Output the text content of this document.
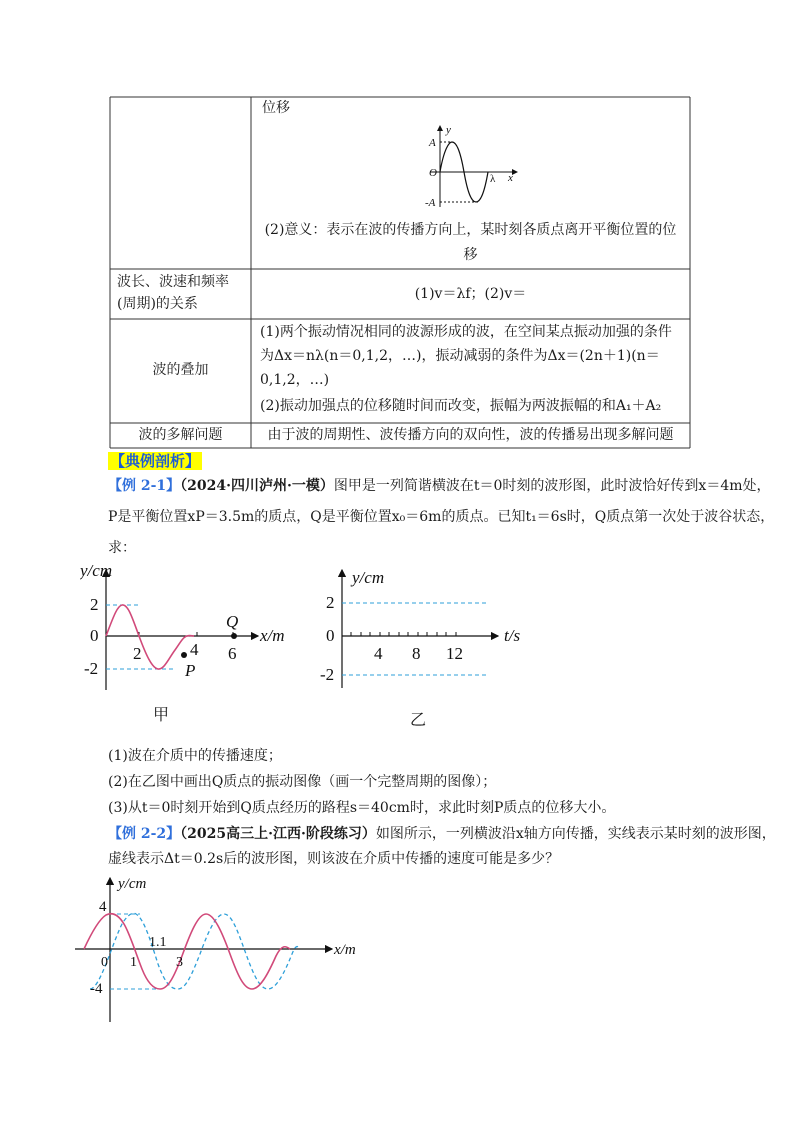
位移
y
A
O
-A
λ x
(2)意义：表示在波的传播方向上，某时刻各质点离开平衡位置的位
移
波长、波速和频率
(周期)的关系
(1)v＝λf；(2)v＝
波的叠加
(1)两个振动情况相同的波源形成的波，在空间某点振动加强的条件
为Δx＝nλ(n＝0,1,2，…)，振动减弱的条件为Δx＝(2n＋1)(n＝
0,1,2，…)
(2)振动加强点的位移随时间而改变，振幅为两波振幅的和A₁＋A₂
波的多解问题	由于波的周期性、波传播方向的双向性，波的传播易出现多解问题
【典例剖析】
【例 2-1】（2024·四川泸州·一模）图甲是一列简谐横波在t＝0时刻的波形图，此时波恰好传到x＝4m处，
P是平衡位置xP＝3.5m的质点，Q是平衡位置x₀＝6m的质点。已知t₁＝6s时，Q质点第一次处于波谷状态，
求：
y/cm
2
0
-2
2	4 6
Q
P
x/m
甲
y/cm
2
0
-2
4 8 12
t/s
乙
(1)波在介质中的传播速度；
(2)在乙图中画出Q质点的振动图像（画一个完整周期的图像）；
(3)从t＝0时刻开始到Q质点经历的路程s＝40cm时，求此时刻P质点的位移大小。
【例 2-2】（2025高三上·江西·阶段练习）如图所示，一列横波沿x轴方向传播，实线表示某时刻的波形图，
虚线表示Δt＝0.2s后的波形图，则该波在介质中传播的速度可能是多少？
y/cm
4
-4
0 1
1.1
3
x/m
